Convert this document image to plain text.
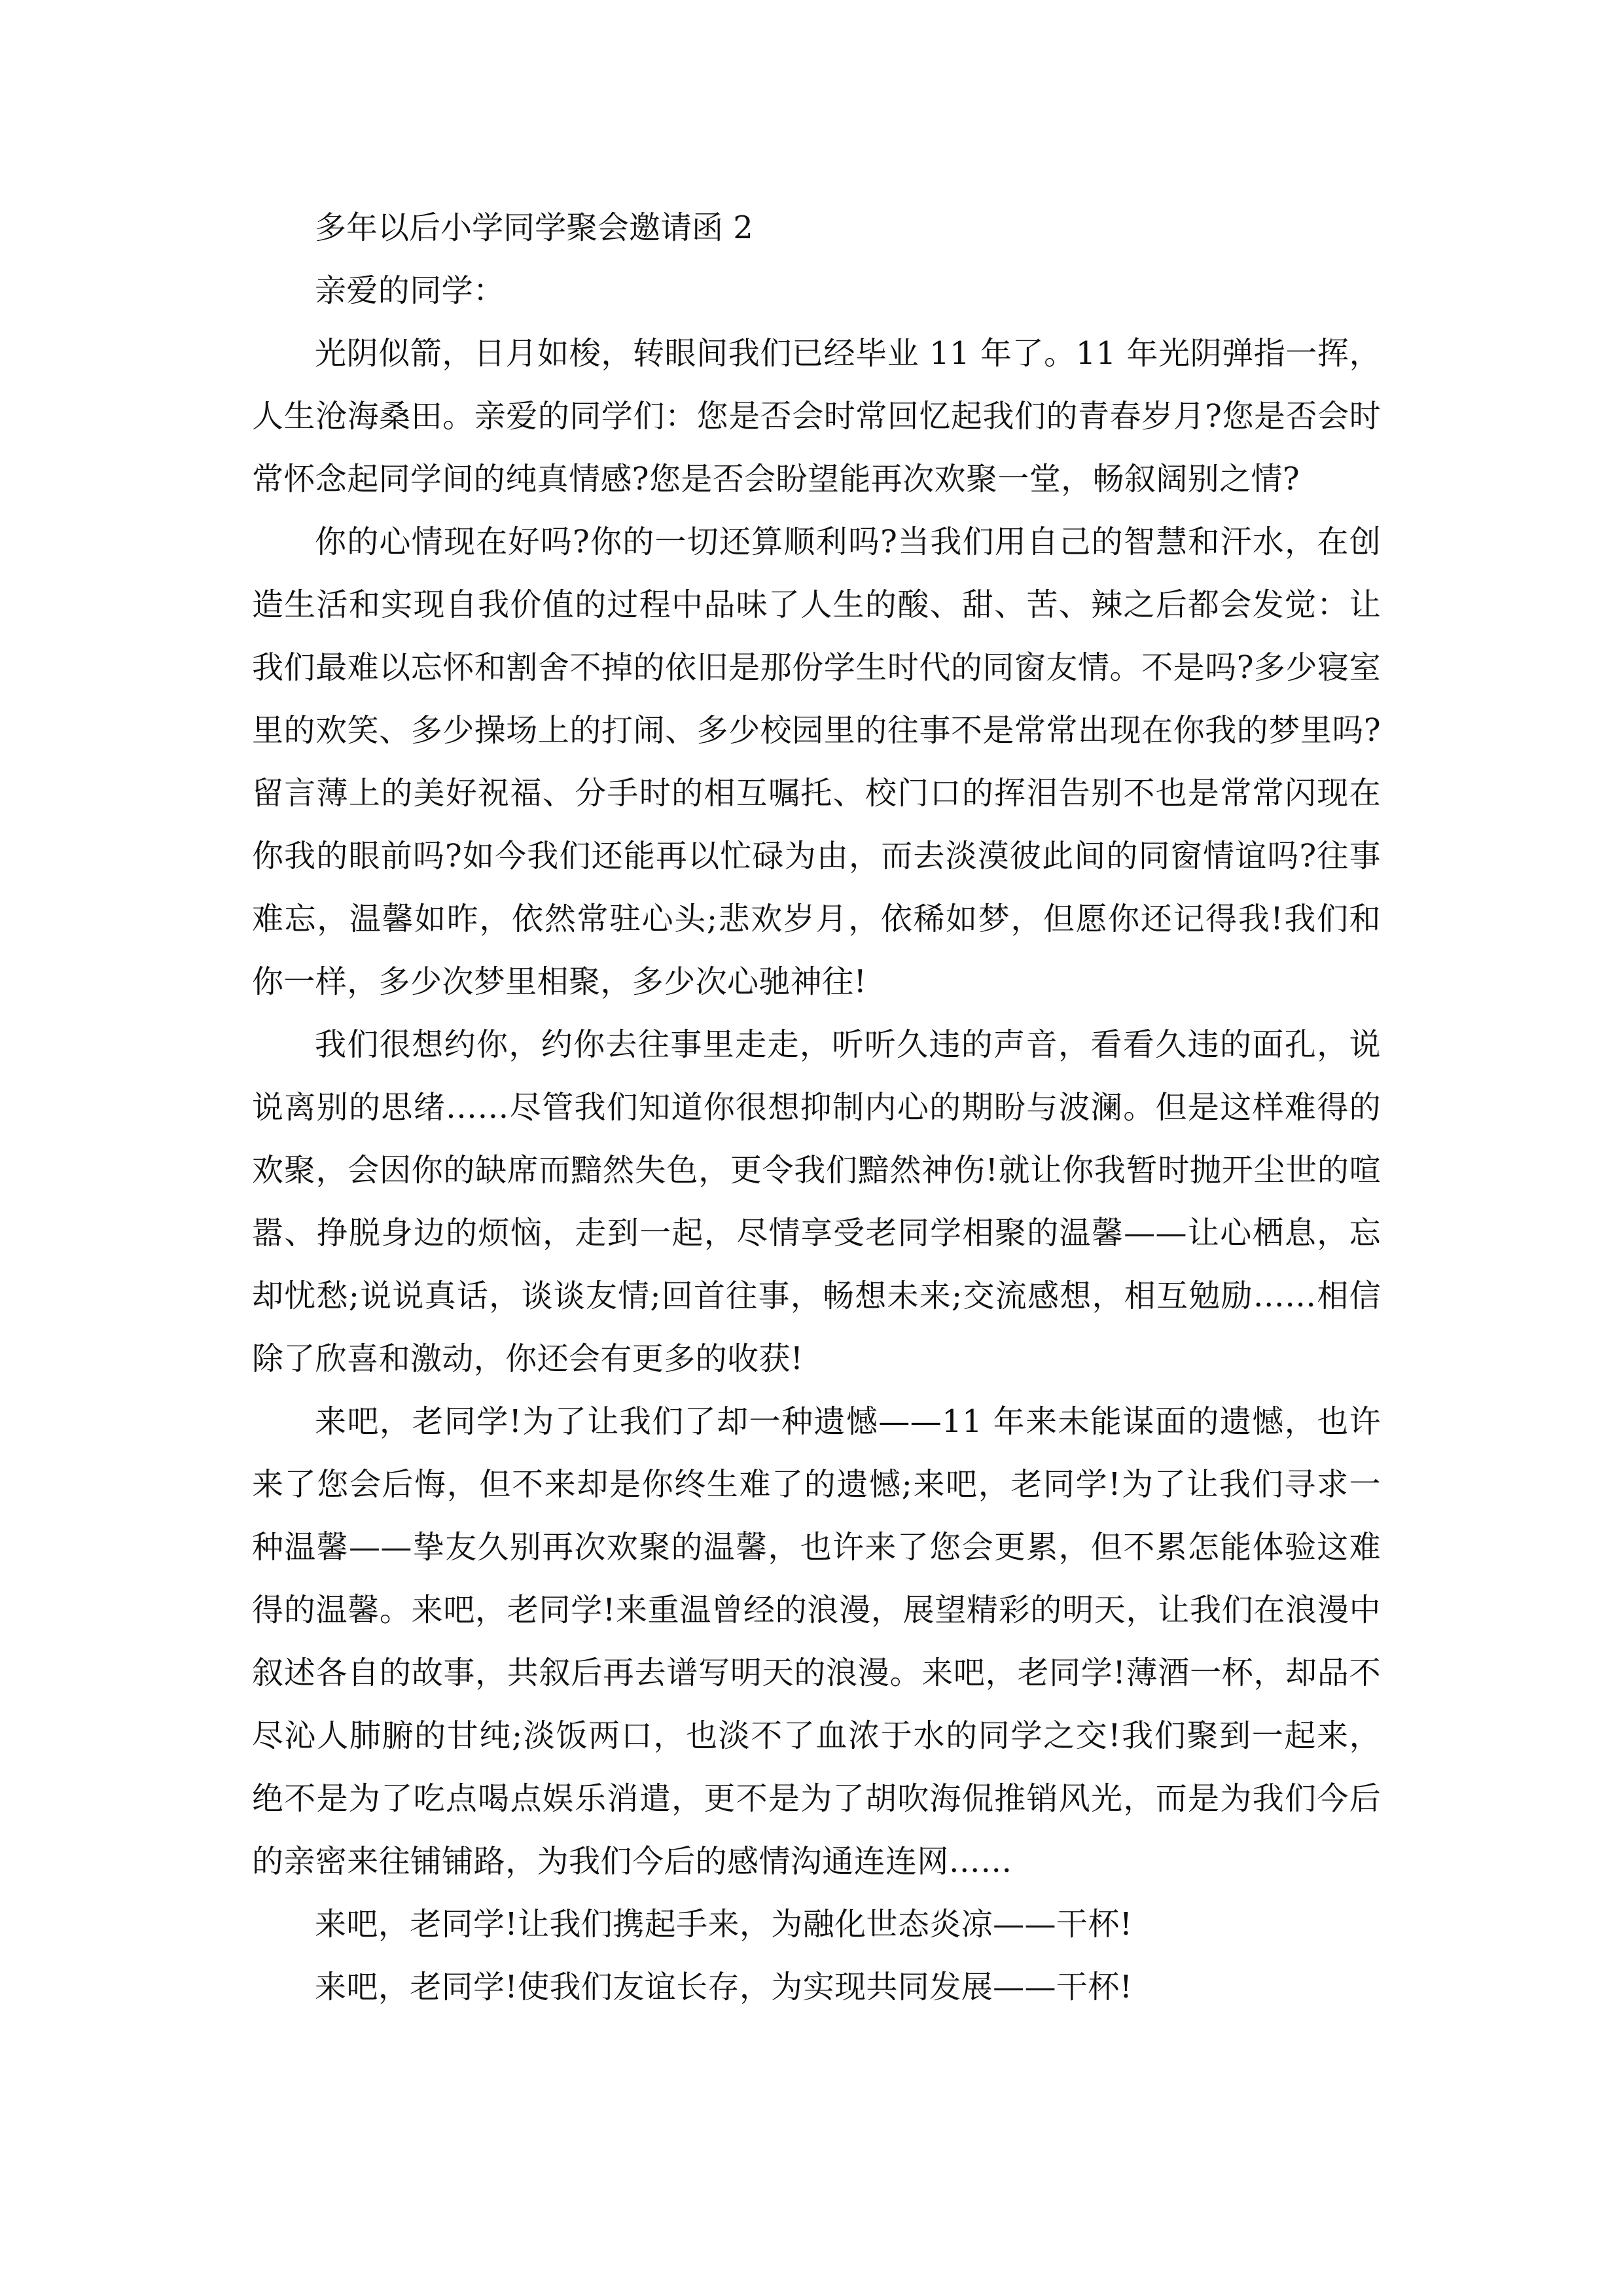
多年以后小学同学聚会邀请函 2

亲爱的同学：

光阴似箭，日月如梭，转眼间我们已经毕业 11 年了。11 年光阴弹指一挥，人生沧海桑田。亲爱的同学们：您是否会时常回忆起我们的青春岁月?您是否会时常怀念起同学间的纯真情感?您是否会盼望能再次欢聚一堂，畅叙阔别之情?

你的心情现在好吗?你的一切还算顺利吗?当我们用自己的智慧和汗水，在创造生活和实现自我价值的过程中品味了人生的酸、甜、苦、辣之后都会发觉：让我们最难以忘怀和割舍不掉的依旧是那份学生时代的同窗友情。不是吗?多少寝室里的欢笑、多少操场上的打闹、多少校园里的往事不是常常出现在你我的梦里吗?留言薄上的美好祝福、分手时的相互嘱托、校门口的挥泪告别不也是常常闪现在你我的眼前吗?如今我们还能再以忙碌为由，而去淡漠彼此间的同窗情谊吗?往事难忘，温馨如昨，依然常驻心头;悲欢岁月，依稀如梦，但愿你还记得我!我们和你一样，多少次梦里相聚，多少次心驰神往!

我们很想约你，约你去往事里走走，听听久违的声音，看看久违的面孔，说说离别的思绪……尽管我们知道你很想抑制内心的期盼与波澜。但是这样难得的欢聚，会因你的缺席而黯然失色，更令我们黯然神伤!就让你我暂时抛开尘世的喧嚣、挣脱身边的烦恼，走到一起，尽情享受老同学相聚的温馨——让心栖息，忘却忧愁;说说真话，谈谈友情;回首往事，畅想未来;交流感想，相互勉励……相信除了欣喜和激动，你还会有更多的收获!

来吧，老同学!为了让我们了却一种遗憾——11 年来未能谋面的遗憾，也许来了您会后悔，但不来却是你终生难了的遗憾;来吧，老同学!为了让我们寻求一种温馨——挚友久别再次欢聚的温馨，也许来了您会更累，但不累怎能体验这难得的温馨。来吧，老同学!来重温曾经的浪漫，展望精彩的明天，让我们在浪漫中叙述各自的故事，共叙后再去谱写明天的浪漫。来吧，老同学!薄酒一杯，却品不尽沁人肺腑的甘纯;淡饭两口，也淡不了血浓于水的同学之交!我们聚到一起来，绝不是为了吃点喝点娱乐消遣，更不是为了胡吹海侃推销风光，而是为我们今后的亲密来往铺铺路，为我们今后的感情沟通连连网……

来吧，老同学!让我们携起手来，为融化世态炎凉——干杯!

来吧，老同学!使我们友谊长存，为实现共同发展——干杯!
